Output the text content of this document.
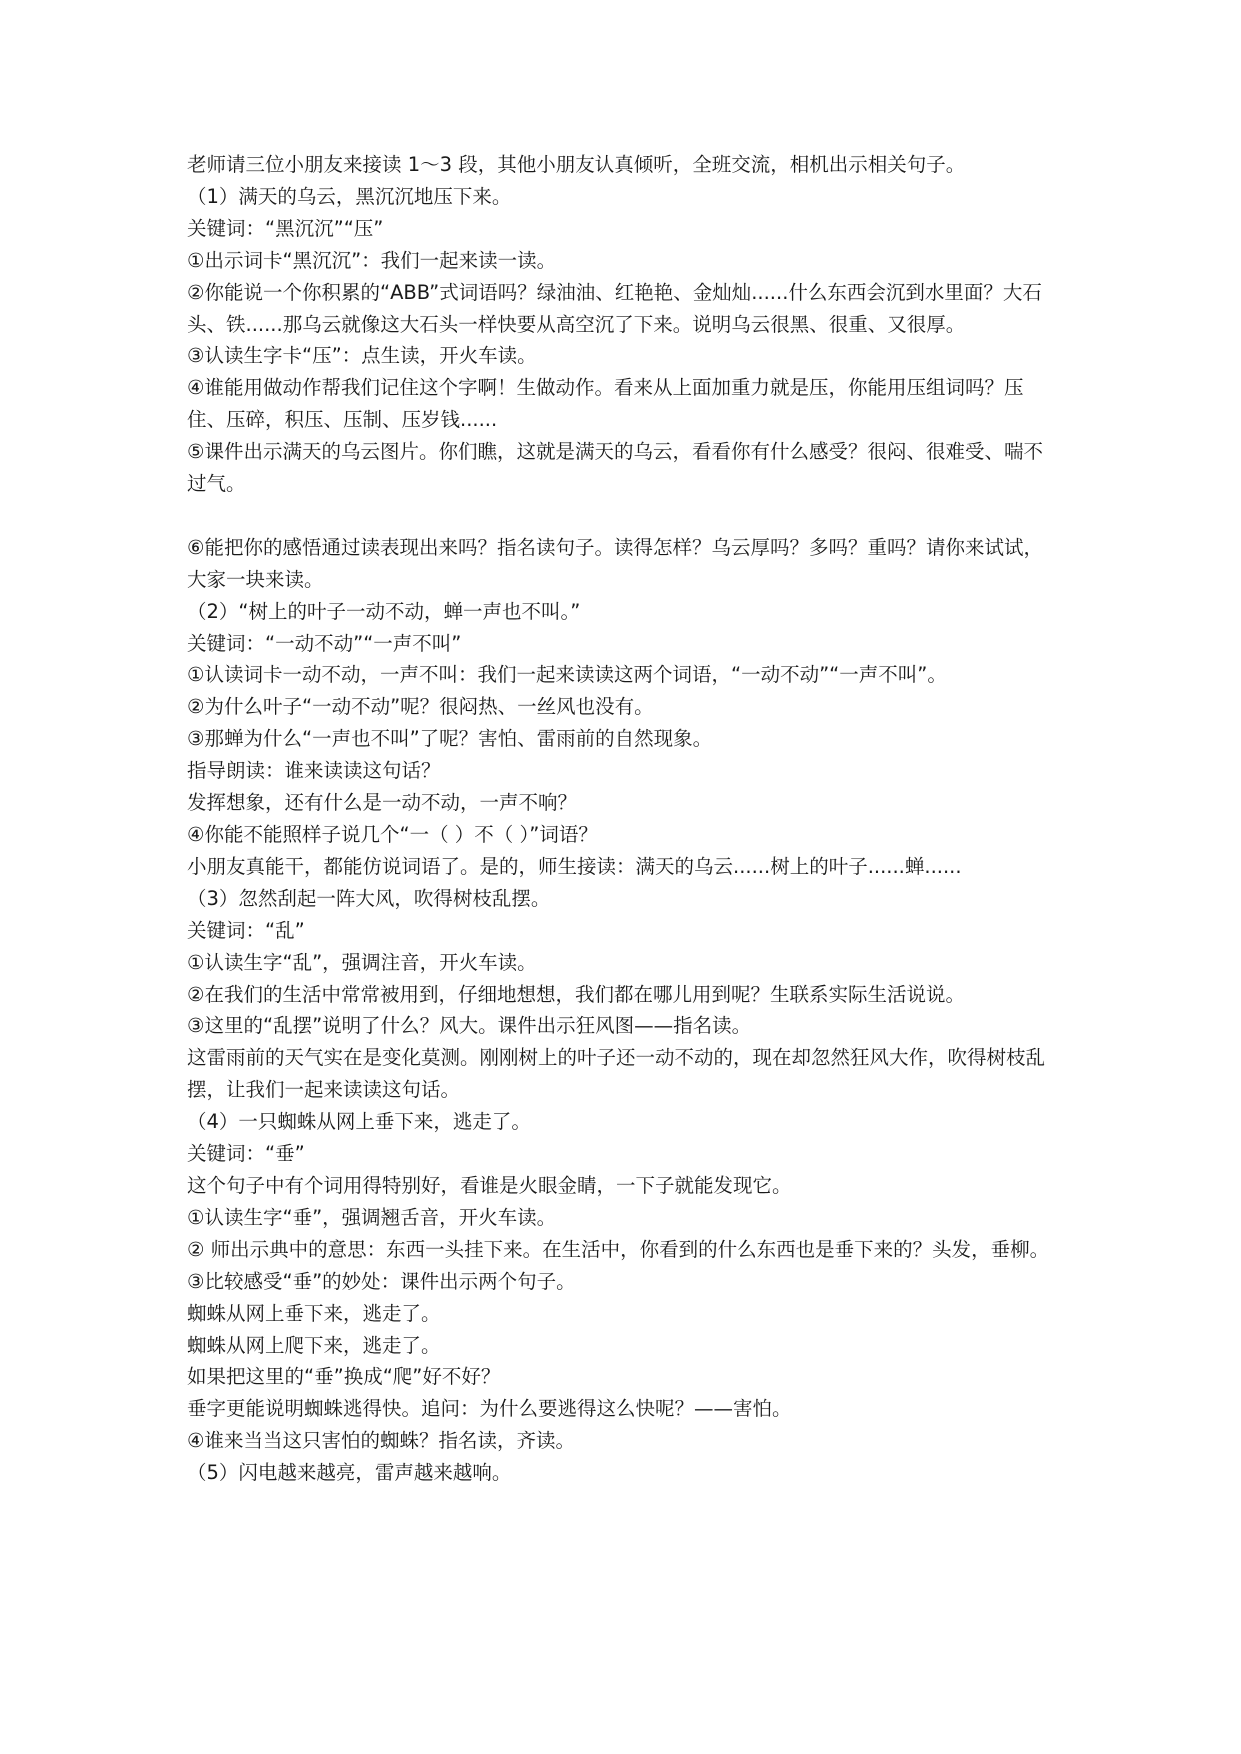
老师请三位小朋友来接读 1～3 段，其他小朋友认真倾听，全班交流，相机出示相关句子。

（1）满天的乌云，黑沉沉地压下来。

关键词：“黑沉沉”“压”

①出示词卡“黑沉沉”：我们一起来读一读。

②你能说一个你积累的“ABB”式词语吗？绿油油、红艳艳、金灿灿......什么东西会沉到水里面？大石头、铁......那乌云就像这大石头一样快要从高空沉了下来。说明乌云很黑、很重、又很厚。

③认读生字卡“压”：点生读，开火车读。

④谁能用做动作帮我们记住这个字啊！生做动作。看来从上面加重力就是压，你能用压组词吗？压住、压碎，积压、压制、压岁钱......

⑤课件出示满天的乌云图片。你们瞧，这就是满天的乌云，看看你有什么感受？很闷、很难受、喘不过气。

⑥能把你的感悟通过读表现出来吗？指名读句子。读得怎样？乌云厚吗？多吗？重吗？请你来试试，大家一块来读。

（2）“树上的叶子一动不动，蝉一声也不叫。”

关键词：“一动不动”“一声不叫”

①认读词卡一动不动，一声不叫：我们一起来读读这两个词语，“一动不动”“一声不叫”。

②为什么叶子“一动不动”呢？很闷热、一丝风也没有。

③那蝉为什么“一声也不叫”了呢？害怕、雷雨前的自然现象。

指导朗读：谁来读读这句话？

发挥想象，还有什么是一动不动，一声不响？

④你能不能照样子说几个“一（ ）不（ ）”词语？

小朋友真能干，都能仿说词语了。是的，师生接读：满天的乌云......树上的叶子......蝉......

（3）忽然刮起一阵大风，吹得树枝乱摆。

关键词：“乱”

①认读生字“乱”，强调注音，开火车读。

②在我们的生活中常常被用到，仔细地想想，我们都在哪儿用到呢？生联系实际生活说说。

③这里的“乱摆”说明了什么？风大。课件出示狂风图——指名读。

这雷雨前的天气实在是变化莫测。刚刚树上的叶子还一动不动的，现在却忽然狂风大作，吹得树枝乱摆，让我们一起来读读这句话。

（4）一只蜘蛛从网上垂下来，逃走了。

关键词：“垂”

这个句子中有个词用得特别好，看谁是火眼金睛，一下子就能发现它。

①认读生字“垂”，强调翘舌音，开火车读。

② 师出示典中的意思：东西一头挂下来。在生活中，你看到的什么东西也是垂下来的？头发，垂柳。

③比较感受“垂”的妙处：课件出示两个句子。

蜘蛛从网上垂下来，逃走了。

蜘蛛从网上爬下来，逃走了。

如果把这里的“垂”换成“爬”好不好？

垂字更能说明蜘蛛逃得快。追问：为什么要逃得这么快呢？——害怕。

④谁来当当这只害怕的蜘蛛？指名读，齐读。

（5）闪电越来越亮，雷声越来越响。
